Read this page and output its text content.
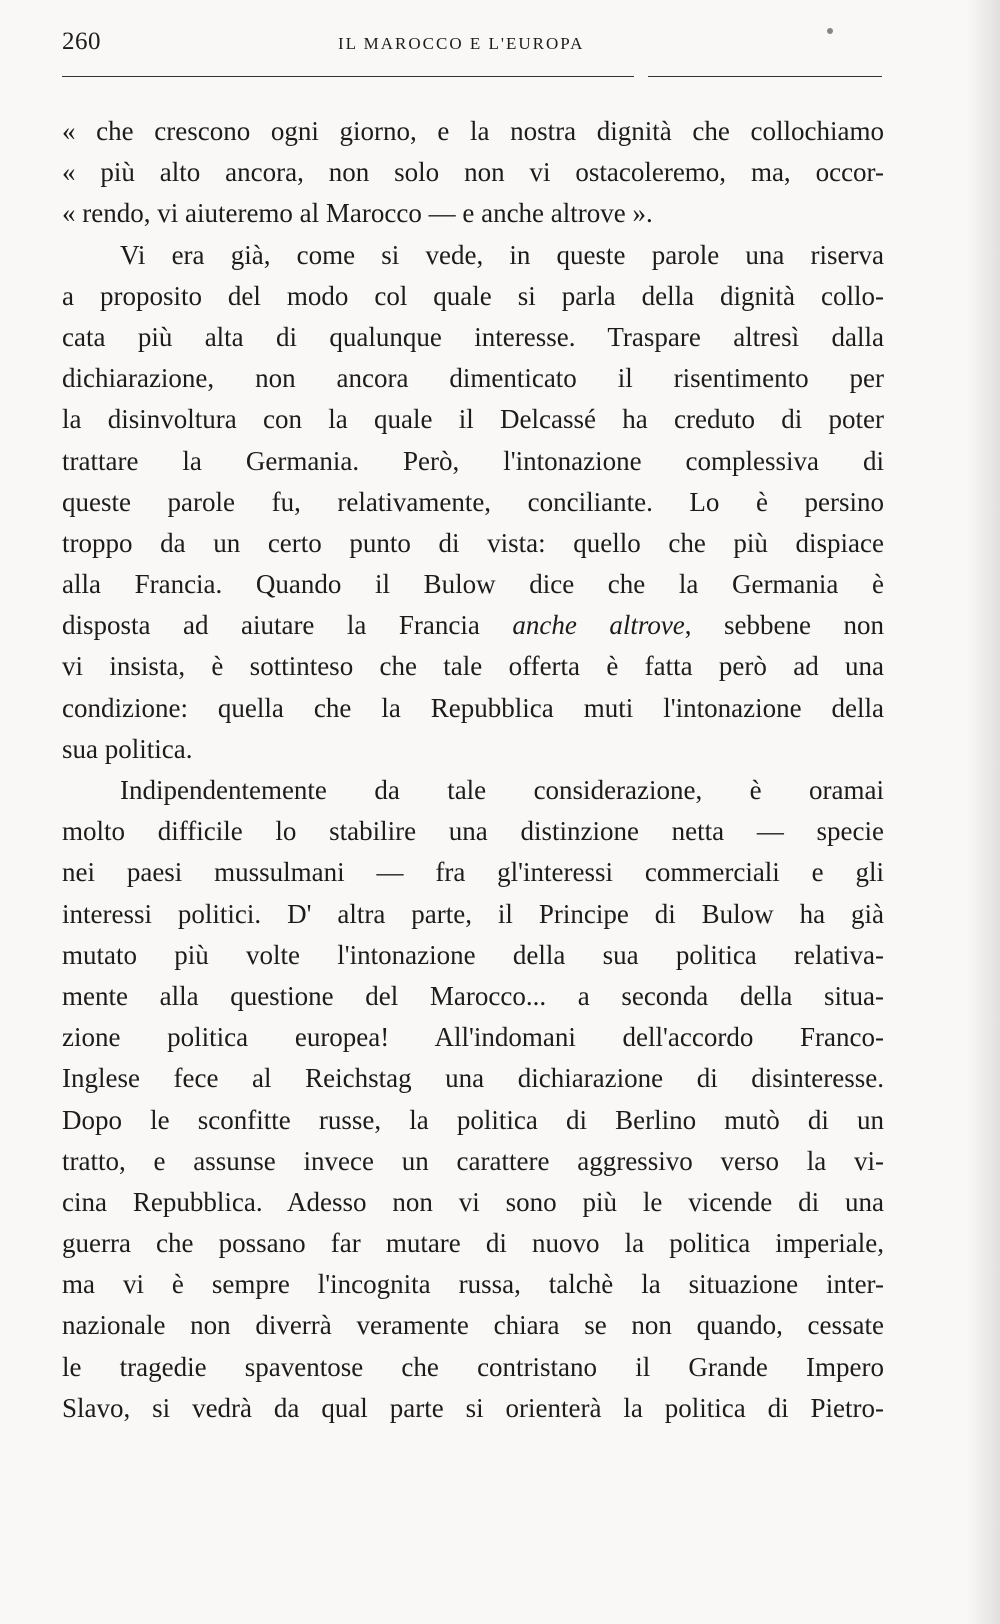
260	IL MAROCCO E L'EUROPA
« che crescono ogni giorno, e la nostra dignità che collochiamo
« più alto ancora, non solo non vi ostacoleremo, ma, occor-
« rendo, vi aiuteremo al Marocco — e anche altrove ».
Vi era già, come si vede, in queste parole una riserva
a proposito del modo col quale si parla della dignità collo-
cata più alta di qualunque interesse. Traspare altresì dalla
dichiarazione, non ancora dimenticato il risentimento per
la disinvoltura con la quale il Delcassé ha creduto di poter
trattare la Germania. Però, l'intonazione complessiva di
queste parole fu, relativamente, conciliante. Lo è persino
troppo da un certo punto di vista: quello che più dispiace
alla Francia. Quando il Bulow dice che la Germania è
disposta ad aiutare la Francia anche altrove, sebbene non
vi insista, è sottinteso che tale offerta è fatta però ad una
condizione: quella che la Repubblica muti l'intonazione della
sua politica.
Indipendentemente da tale considerazione, è oramai
molto difficile lo stabilire una distinzione netta — specie
nei paesi mussulmani — fra gl'interessi commerciali e gli
interessi politici. D' altra parte, il Principe di Bulow ha già
mutato più volte l'intonazione della sua politica relativa-
mente alla questione del Marocco... a seconda della situa-
zione politica europea! All'indomani dell'accordo Franco-
Inglese fece al Reichstag una dichiarazione di disinteresse.
Dopo le sconfitte russe, la politica di Berlino mutò di un
tratto, e assunse invece un carattere aggressivo verso la vi-
cina Repubblica. Adesso non vi sono più le vicende di una
guerra che possano far mutare di nuovo la politica imperiale,
ma vi è sempre l'incognita russa, talchè la situazione inter-
nazionale non diverrà veramente chiara se non quando, cessate
le tragedie spaventose che contristano il Grande Impero
Slavo, si vedrà da qual parte si orienterà la politica di Pietro-
